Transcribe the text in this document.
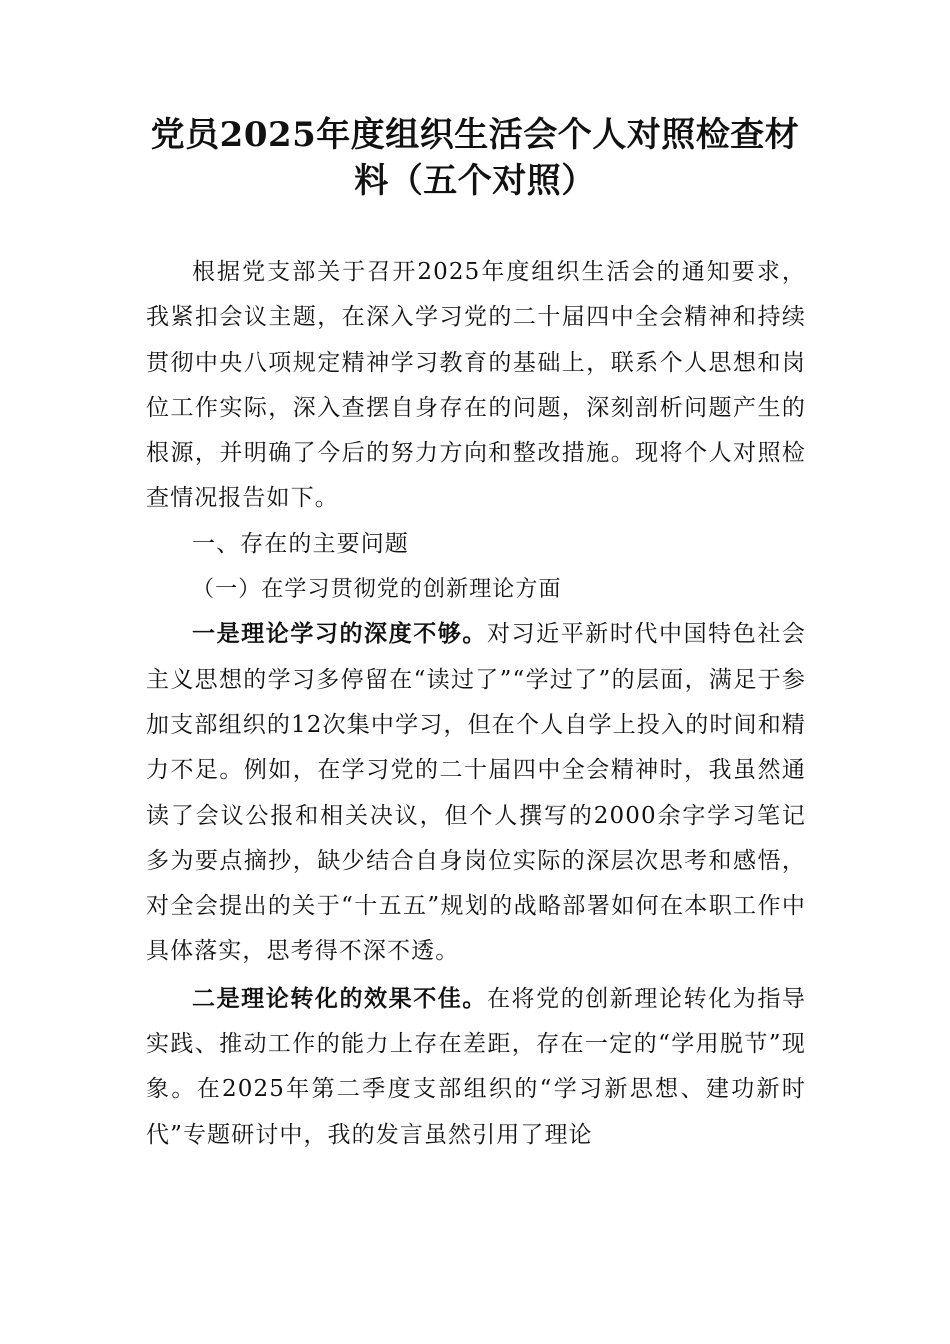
党员2025年度组织生活会个人对照检查材料（五个对照）

根据党支部关于召开2025年度组织生活会的通知要求，我紧扣会议主题，在深入学习党的二十届四中全会精神和持续贯彻中央八项规定精神学习教育的基础上，联系个人思想和岗位工作实际，深入查摆自身存在的问题，深刻剖析问题产生的根源，并明确了今后的努力方向和整改措施。现将个人对照检查情况报告如下。

一、存在的主要问题

（一）在学习贯彻党的创新理论方面

一是理论学习的深度不够。对习近平新时代中国特色社会主义思想的学习多停留在“读过了”“学过了”的层面，满足于参加支部组织的12次集中学习，但在个人自学上投入的时间和精力不足。例如，在学习党的二十届四中全会精神时，我虽然通读了会议公报和相关决议，但个人撰写的2000余字学习笔记多为要点摘抄，缺少结合自身岗位实际的深层次思考和感悟，对全会提出的关于“十五五”规划的战略部署如何在本职工作中具体落实，思考得不深不透。

二是理论转化的效果不佳。在将党的创新理论转化为指导实践、推动工作的能力上存在差距，存在一定的“学用脱节”现象。在2025年第二季度支部组织的“学习新思想、建功新时代”专题研讨中，我的发言虽然引用了理论
